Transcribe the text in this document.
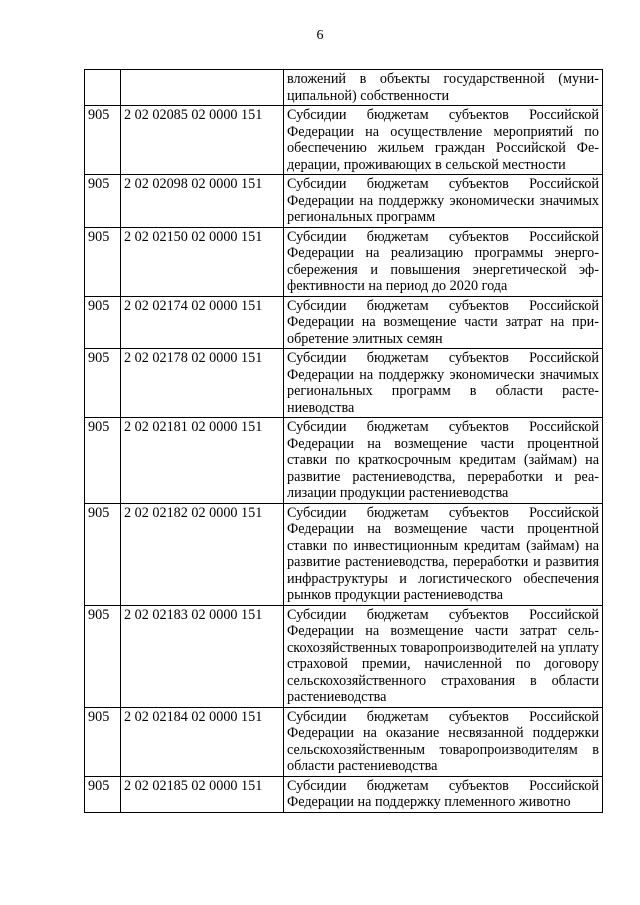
6
		вложений в объекты государственной (муниципальной) собственности
905	2 02 02085 02 0000 151	Субсидии бюджетам субъектов Российской Федерации на осуществление мероприятий по обеспечению жильем граждан Российской Федерации, проживающих в сельской местности
905	2 02 02098 02 0000 151	Субсидии бюджетам субъектов Российской Федерации на поддержку экономически значимых региональных программ
905	2 02 02150 02 0000 151	Субсидии бюджетам субъектов Российской Федерации на реализацию программы энергосбережения и повышения энергетической эффективности на период до 2020 года
905	2 02 02174 02 0000 151	Субсидии бюджетам субъектов Российской Федерации на возмещение части затрат на приобретение элитных семян
905	2 02 02178 02 0000 151	Субсидии бюджетам субъектов Российской Федерации на поддержку экономически значимых региональных программ в области растениеводства
905	2 02 02181 02 0000 151	Субсидии бюджетам субъектов Российской Федерации на возмещение части процентной ставки по краткосрочным кредитам (займам) на развитие растениеводства, переработки и реализации продукции растениеводства
905	2 02 02182 02 0000 151	Субсидии бюджетам субъектов Российской Федерации на возмещение части процентной ставки по инвестиционным кредитам (займам) на развитие растениеводства, переработки и развития инфраструктуры и логистического обеспечения рынков продукции растениеводства
905	2 02 02183 02 0000 151	Субсидии бюджетам субъектов Российской Федерации на возмещение части затрат сельскохозяйственных товаропроизводителей на уплату страховой премии, начисленной по договору сельскохозяйственного страхования в области растениеводства
905	2 02 02184 02 0000 151	Субсидии бюджетам субъектов Российской Федерации на оказание несвязанной поддержки сельскохозяйственным товаропроизводителям в области растениеводства
905	2 02 02185 02 0000 151	Субсидии бюджетам субъектов Российской Федерации на поддержку племенного животно
